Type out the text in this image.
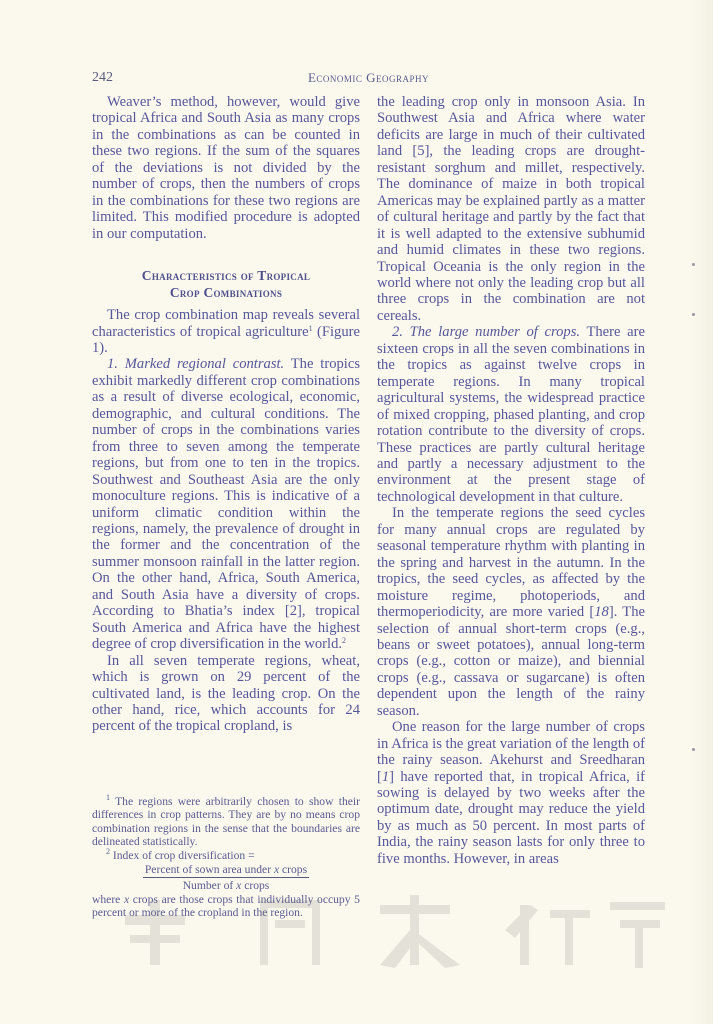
242	Economic Geography

Weaver’s method, however, would give tropical Africa and South Asia as many crops in the combinations as can be counted in these two regions. If the sum of the squares of the deviations is not divided by the number of crops, then the numbers of crops in the combinations for these two regions are limited. This modified procedure is adopted in our computation.

Characteristics of Tropical
Crop Combinations

The crop combination map reveals several characteristics of tropical agriculture$^1$ (Figure 1).

1. Marked regional contrast. The tropics exhibit markedly different crop combinations as a result of diverse ecological, economic, demographic, and cultural conditions. The number of crops in the combinations varies from three to seven among the temperate regions, but from one to ten in the tropics. Southwest and Southeast Asia are the only monoculture regions. This is indicative of a uniform climatic condition within the regions, namely, the prevalence of drought in the former and the concentration of the summer monsoon rainfall in the latter region. On the other hand, Africa, South America, and South Asia have a diversity of crops. According to Bhatia’s index [2], tropical South America and Africa have the highest degree of crop diversification in the world.$^2$

In all seven temperate regions, wheat, which is grown on 29 percent of the cultivated land, is the leading crop. On the other hand, rice, which accounts for 24 percent of the tropical cropland, is

$^1$ The regions were arbitrarily chosen to show their differences in crop patterns. They are by no means crop combination regions in the sense that the boundaries are delineated statistically.

$^2$ Index of crop diversification =

Percent of sown area under x crops
Number of x crops

where x crops are those crops that individually occupy 5 percent or more of the cropland in the region.

the leading crop only in monsoon Asia. In Southwest Asia and Africa where water deficits are large in much of their cultivated land [5], the leading crops are drought-resistant sorghum and millet, respectively. The dominance of maize in both tropical Americas may be explained partly as a matter of cultural heritage and partly by the fact that it is well adapted to the extensive subhumid and humid climates in these two regions. Tropical Oceania is the only region in the world where not only the leading crop but all three crops in the combination are not cereals.

2. The large number of crops. There are sixteen crops in all the seven combinations in the tropics as against twelve crops in temperate regions. In many tropical agricultural systems, the widespread practice of mixed cropping, phased planting, and crop rotation contribute to the diversity of crops. These practices are partly cultural heritage and partly a necessary adjustment to the environment at the present stage of technological development in that culture.

In the temperate regions the seed cycles for many annual crops are regulated by seasonal temperature rhythm with planting in the spring and harvest in the autumn. In the tropics, the seed cycles, as affected by the moisture regime, photoperiods, and thermoperiodicity, are more varied [18]. The selection of annual short-term crops (e.g., beans or sweet potatoes), annual long-term crops (e.g., cotton or maize), and biennial crops (e.g., cassava or sugarcane) is often dependent upon the length of the rainy season.

One reason for the large number of crops in Africa is the great variation of the length of the rainy season. Akehurst and Sreedharan [1] have reported that, in tropical Africa, if sowing is delayed by two weeks after the optimum date, drought may reduce the yield by as much as 50 percent. In most parts of India, the rainy season lasts for only three to five months. However, in areas
